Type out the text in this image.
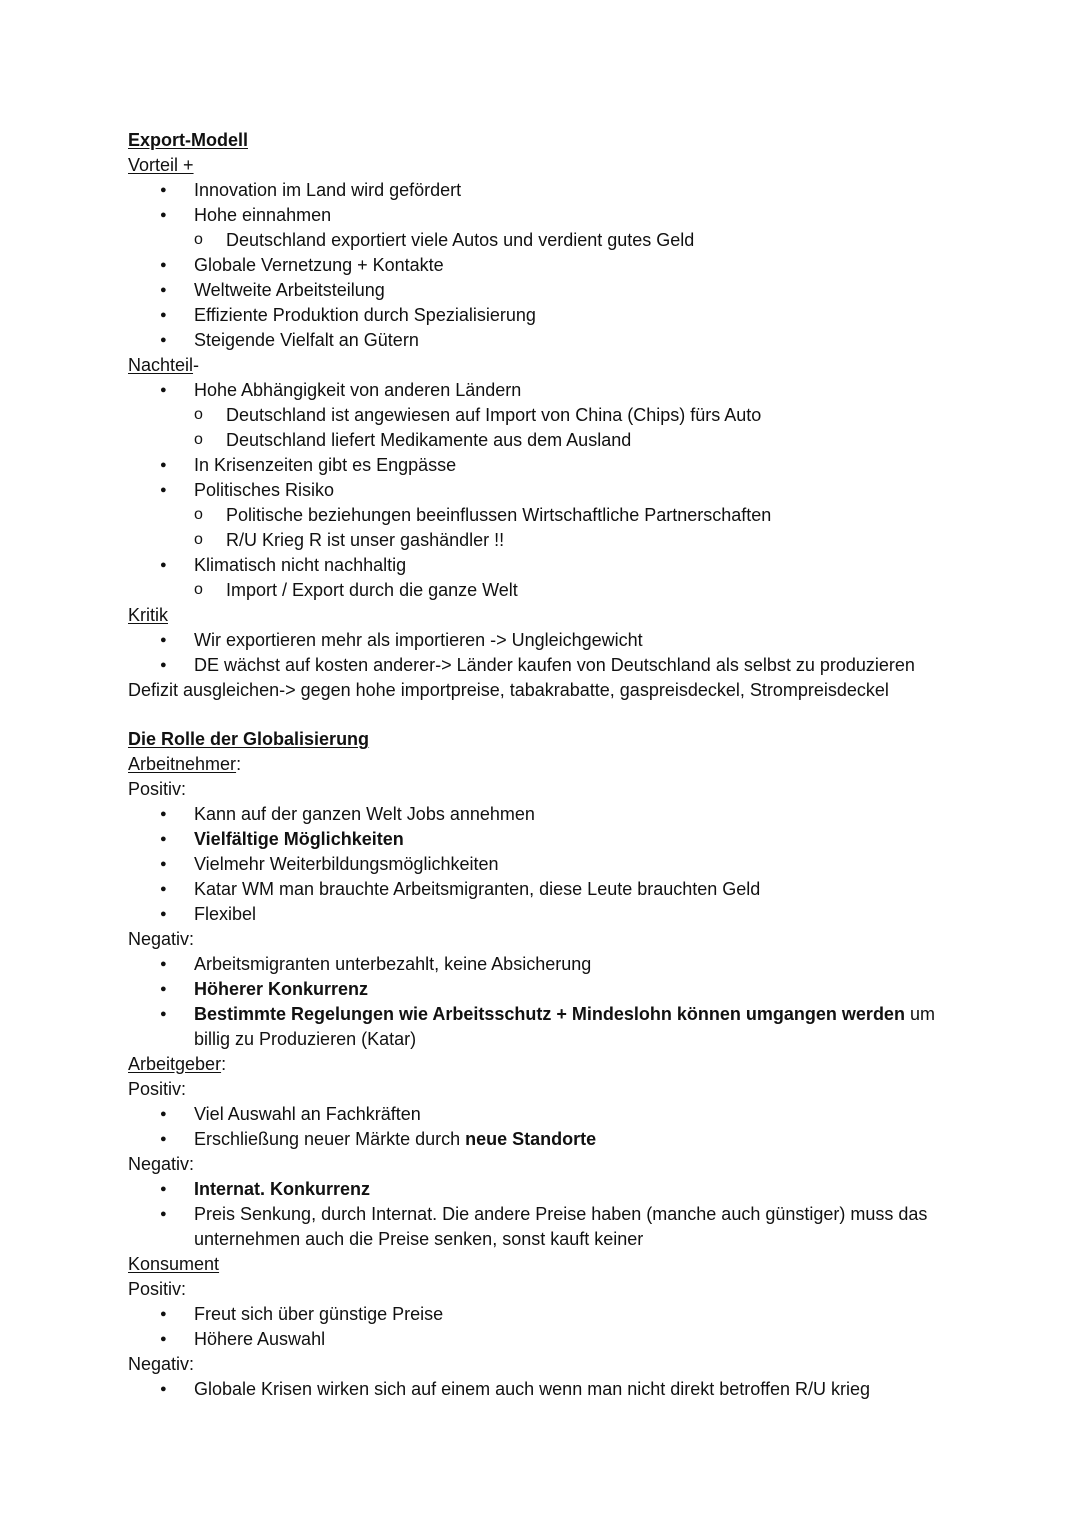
Export-Modell
Vorteil +
● Innovation im Land wird gefördert
● Hohe einnahmen
o Deutschland exportiert viele Autos und verdient gutes Geld
● Globale Vernetzung + Kontakte
● Weltweite Arbeitsteilung
● Effiziente Produktion durch Spezialisierung
● Steigende Vielfalt an Gütern
Nachteil-
● Hohe Abhängigkeit von anderen Ländern
o Deutschland ist angewiesen auf Import von China (Chips) fürs Auto
o Deutschland liefert Medikamente aus dem Ausland
● In Krisenzeiten gibt es Engpässe
● Politisches Risiko
o Politische beziehungen beeinflussen Wirtschaftliche Partnerschaften
o R/U Krieg R ist unser gashändler !!
● Klimatisch nicht nachhaltig
o Import / Export durch die ganze Welt
Kritik
● Wir exportieren mehr als importieren -> Ungleichgewicht
● DE wächst auf kosten anderer-> Länder kaufen von Deutschland als selbst zu produzieren
Defizit ausgleichen-> gegen hohe importpreise, tabakrabatte, gaspreisdeckel, Strompreisdeckel
Die Rolle der Globalisierung
Arbeitnehmer:
Positiv:
● Kann auf der ganzen Welt Jobs annehmen
● Vielfältige Möglichkeiten
● Vielmehr Weiterbildungsmöglichkeiten
● Katar WM man brauchte Arbeitsmigranten, diese Leute brauchten Geld
● Flexibel
Negativ:
● Arbeitsmigranten unterbezahlt, keine Absicherung
● Höherer Konkurrenz
● Bestimmte Regelungen wie Arbeitsschutz + Mindeslohn können umgangen werden um billig zu Produzieren (Katar)
Arbeitgeber:
Positiv:
● Viel Auswahl an Fachkräften
● Erschließung neuer Märkte durch neue Standorte
Negativ:
● Internat. Konkurrenz
● Preis Senkung, durch Internat. Die andere Preise haben (manche auch günstiger) muss das unternehmen auch die Preise senken, sonst kauft keiner
Konsument
Positiv:
● Freut sich über günstige Preise
● Höhere Auswahl
Negativ:
● Globale Krisen wirken sich auf einem auch wenn man nicht direkt betroffen R/U krieg
